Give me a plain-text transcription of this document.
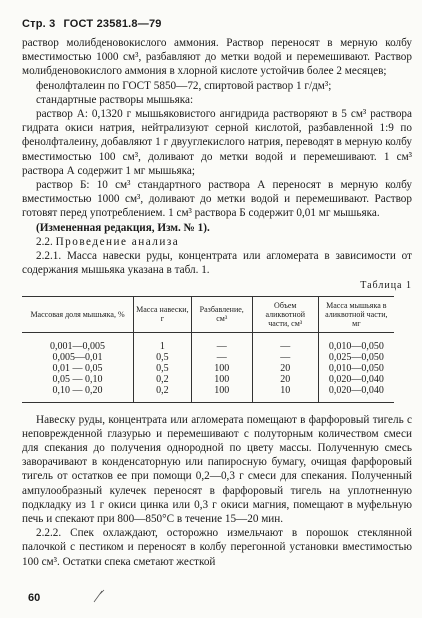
Стр. 3 ГОСТ 23581.8—79

раствор молибденовокислого аммония. Раствор переносят в мерную колбу вместимостью 1000 см³, разбавляют до метки водой и перемешивают. Раствор молибденовокислого аммония в хлорной кислоте устойчив более 2 месяцев;

фенолфталеин по ГОСТ 5850—72, спиртовой раствор 1 г/дм³;

стандартные растворы мышьяка:

раствор А: 0,1320 г мышьяковистого ангидрида растворяют в 5 см³ раствора гидрата окиси натрия, нейтрализуют серной кислотой, разбавленной 1:9 по фенолфталеину, добавляют 1 г двууглекислого натрия, переводят в мерную колбу вместимостью 100 см³, доливают до метки водой и перемешивают. 1 см³ раствора А содержит 1 мг мышьяка;

раствор Б: 10 см³ стандартного раствора А переносят в мерную колбу вместимостью 1000 см³, доливают до метки водой и перемешивают. Раствор готовят перед употреблением. 1 см³ раствора Б содержит 0,01 мг мышьяка.

(Измененная редакция, Изм. № 1).

2.2. Проведение анализа

2.2.1. Масса навески руды, концентрата или агломерата в зависимости от содержания мышьяка указана в табл. 1.

Таблица 1
Массовая доля мышьяка, %	Масса навески, г	Разбавление, см³	Объем аликвотной части, см³	Масса мышьяка в аликвотной части, мг
0,001—0,005	1	—	—	0,010—0,050
0,005—0,01	0,5	—	—	0,025—0,050
0,01 — 0,05	0,5	100	20	0,010—0,050
0,05 — 0,10	0,2	100	20	0,020—0,040
0,10 — 0,20	0,2	100	10	0,020—0,040

Навеску руды, концентрата или агломерата помещают в фарфоровый тигель с неповрежденной глазурью и перемешивают с полуторным количеством смеси для спекания до получения однородной по цвету массы. Полученную смесь заворачивают в конденсаторную или папиросную бумагу, очищая фарфоровый тигель от остатков ее при помощи 0,2—0,3 г смеси для спекания. Полученный ампулообразный кулечек переносят в фарфоровый тигель на уплотненную подкладку из 1 г окиси цинка или 0,3 г окиси магния, помещают в муфельную печь и спекают при 800—850°С в течение 15—20 мин.

2.2.2. Спек охлаждают, осторожно измельчают в порошок стеклянной палочкой с пестиком и переносят в колбу перегонной установки вместимостью 100 см³. Остатки спека сметают жесткой

60
